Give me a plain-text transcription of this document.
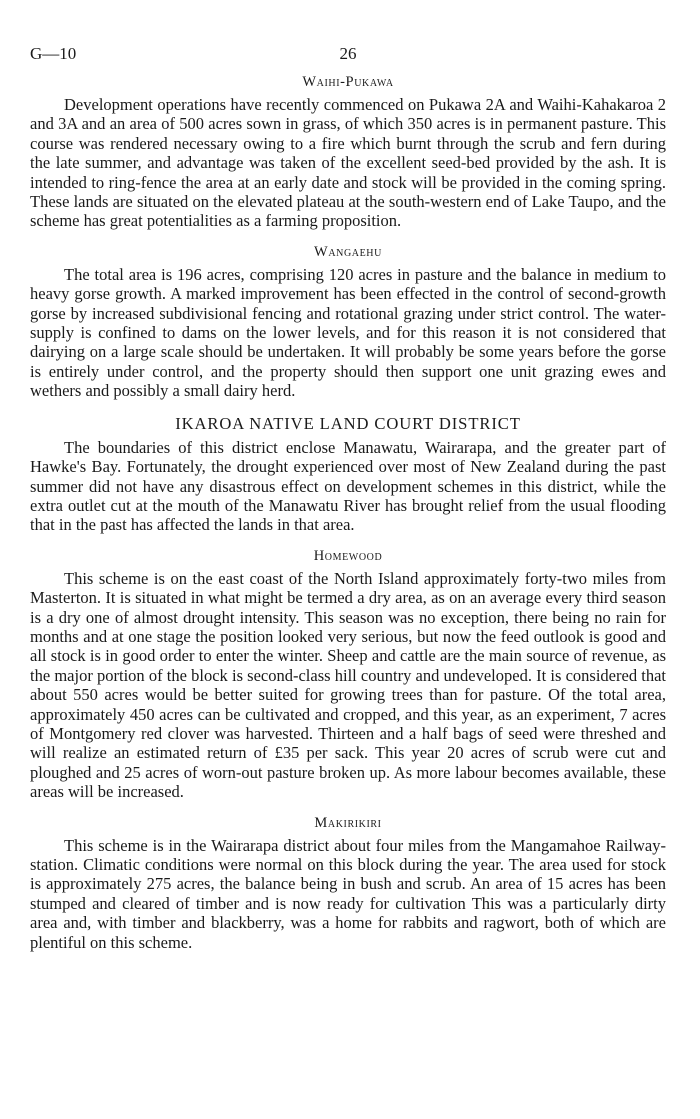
G—10	26
Waihi-Pukawa

Development operations have recently commenced on Pukawa 2A and Waihi-Kahakaroa 2 and 3A and an area of 500 acres sown in grass, of which 350 acres is in permanent pasture. This course was rendered necessary owing to a fire which burnt through the scrub and fern during the late summer, and advantage was taken of the excellent seed-bed provided by the ash. It is intended to ring-fence the area at an early date and stock will be provided in the coming spring. These lands are situated on the elevated plateau at the south-western end of Lake Taupo, and the scheme has great potentialities as a farming proposition.

Wangaehu

The total area is 196 acres, comprising 120 acres in pasture and the balance in medium to heavy gorse growth. A marked improvement has been effected in the control of second-growth gorse by increased subdivisional fencing and rotational grazing under strict control. The water-supply is confined to dams on the lower levels, and for this reason it is not considered that dairying on a large scale should be undertaken. It will probably be some years before the gorse is entirely under control, and the property should then support one unit grazing ewes and wethers and possibly a small dairy herd.

IKAROA NATIVE LAND COURT DISTRICT

The boundaries of this district enclose Manawatu, Wairarapa, and the greater part of Hawke's Bay. Fortunately, the drought experienced over most of New Zealand during the past summer did not have any disastrous effect on development schemes in this district, while the extra outlet cut at the mouth of the Manawatu River has brought relief from the usual flooding that in the past has affected the lands in that area.

Homewood

This scheme is on the east coast of the North Island approximately forty-two miles from Masterton. It is situated in what might be termed a dry area, as on an average every third season is a dry one of almost drought intensity. This season was no exception, there being no rain for months and at one stage the position looked very serious, but now the feed outlook is good and all stock is in good order to enter the winter. Sheep and cattle are the main source of revenue, as the major portion of the block is second-class hill country and undeveloped. It is considered that about 550 acres would be better suited for growing trees than for pasture. Of the total area, approximately 450 acres can be cultivated and cropped, and this year, as an experiment, 7 acres of Montgomery red clover was harvested. Thirteen and a half bags of seed were threshed and will realize an estimated return of £35 per sack. This year 20 acres of scrub were cut and ploughed and 25 acres of worn-out pasture broken up. As more labour becomes available, these areas will be increased.

Makirikiri

This scheme is in the Wairarapa district about four miles from the Mangamahoe Railway-station. Climatic conditions were normal on this block during the year. The area used for stock is approximately 275 acres, the balance being in bush and scrub. An area of 15 acres has been stumped and cleared of timber and is now ready for cultivation This was a particularly dirty area and, with timber and blackberry, was a home for rabbits and ragwort, both of which are plentiful on this scheme.
